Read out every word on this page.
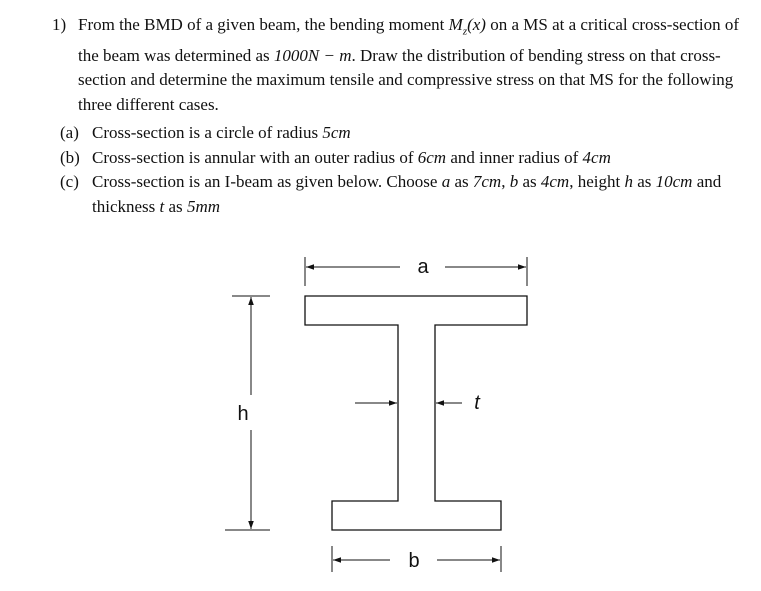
1) From the BMD of a given beam, the bending moment $M_z(x)$ on a MS at a critical cross-section of the beam was determined as 1000N − m. Draw the distribution of bending stress on that cross-section and determine the maximum tensile and compressive stress on that MS for the following three different cases.
(a) Cross-section is a circle of radius 5cm
(b) Cross-section is annular with an outer radius of 6cm and inner radius of 4cm
(c) Cross-section is an I-beam as given below. Choose a as 7cm, b as 4cm, height h as 10cm and thickness t as 5mm
a
b
h	t
